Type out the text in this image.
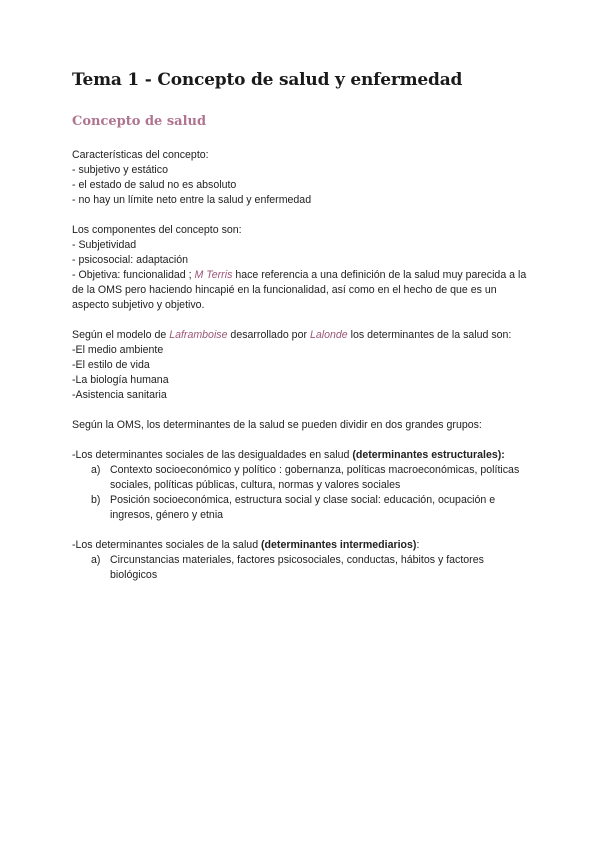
Tema 1 - Concepto de salud y enfermedad
Concepto de salud
Características del concepto:
- subjetivo y estático
- el estado de salud no es absoluto
- no hay un límite neto entre la salud y enfermedad
Los componentes del concepto son:
- Subjetividad
- psicosocial: adaptación
- Objetiva: funcionalidad ; M Terris hace referencia a una definición de la salud muy parecida a la de la OMS pero haciendo hincapié en la funcionalidad, así como en el hecho de que es un aspecto subjetivo y objetivo.
Según el modelo de Laframboise desarrollado por Lalonde los determinantes de la salud son:
-El medio ambiente
-El estilo de vida
-La biología humana
-Asistencia sanitaria
Según la OMS, los determinantes de la salud se pueden dividir en dos grandes grupos:
-Los determinantes sociales de las desigualdades en salud (determinantes estructurales):
a) Contexto socioeconómico y político : gobernanza, políticas macroeconómicas, políticas sociales, políticas públicas, cultura, normas y valores sociales
b) Posición socioeconómica, estructura social y clase social: educación, ocupación e ingresos, género y etnia
-Los determinantes sociales de la salud (determinantes intermediarios):
a) Circunstancias materiales, factores psicosociales, conductas, hábitos y factores biológicos
